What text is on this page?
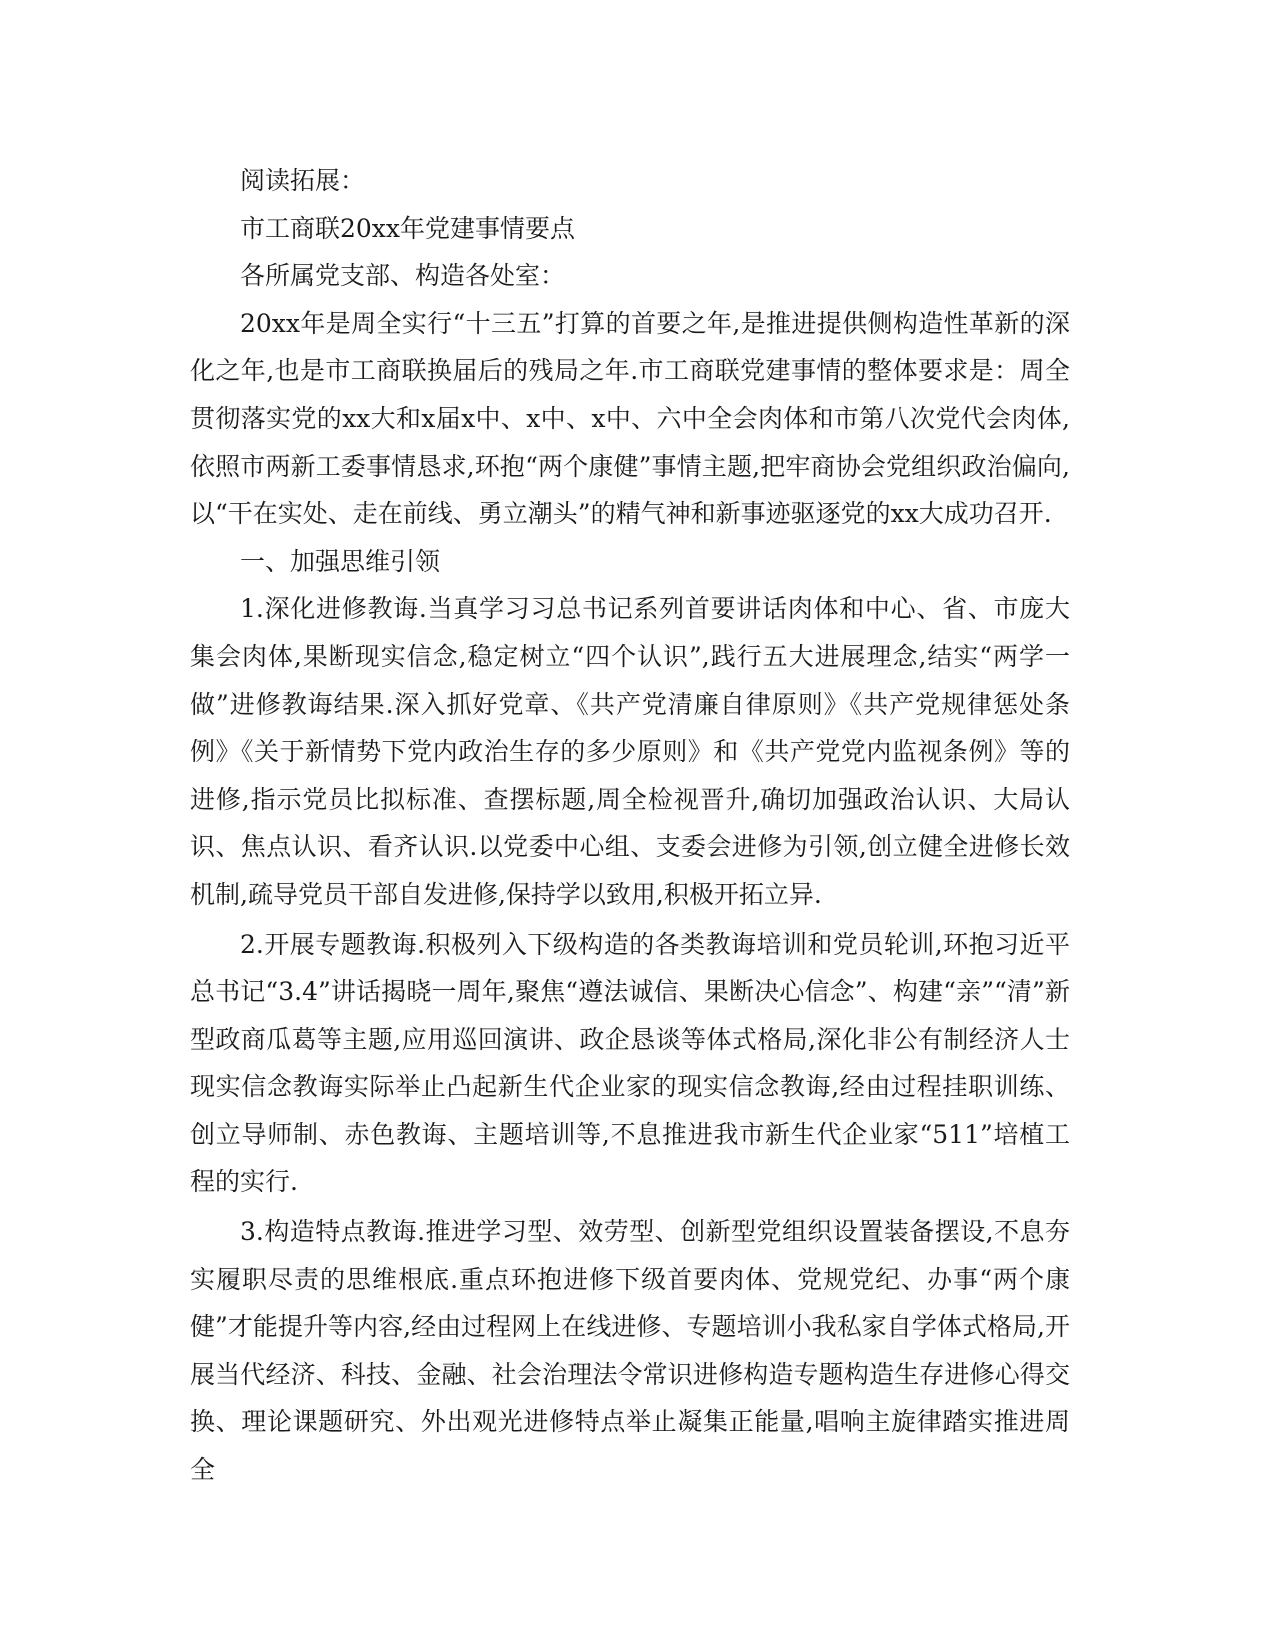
阅读拓展：

市工商联20xx年党建事情要点

各所属党支部、构造各处室：

20xx年是周全实行“十三五”打算的首要之年,是推进提供侧构造性革新的深化之年,也是市工商联换届后的残局之年.市工商联党建事情的整体要求是：周全贯彻落实党的xx大和x届x中、x中、x中、六中全会肉体和市第八次党代会肉体,依照市两新工委事情恳求,环抱“两个康健”事情主题,把牢商协会党组织政治偏向,以“干在实处、走在前线、勇立潮头”的精气神和新事迹驱逐党的xx大成功召开.

一、加强思维引领

1.深化进修教诲.当真学习习总书记系列首要讲话肉体和中心、省、市庞大集会肉体,果断现实信念,稳定树立“四个认识”,践行五大进展理念,结实“两学一做”进修教诲结果.深入抓好党章、《共产党清廉自律原则》《共产党规律惩处条例》《关于新情势下党内政治生存的多少原则》和《共产党党内监视条例》等的进修,指示党员比拟标准、查摆标题,周全检视晋升,确切加强政治认识、大局认识、焦点认识、看齐认识.以党委中心组、支委会进修为引领,创立健全进修长效机制,疏导党员干部自发进修,保持学以致用,积极开拓立异.

2.开展专题教诲.积极列入下级构造的各类教诲培训和党员轮训,环抱习近平总书记“3.4”讲话揭晓一周年,聚焦“遵法诚信、果断决心信念”、构建“亲”“清”新型政商瓜葛等主题,应用巡回演讲、政企恳谈等体式格局,深化非公有制经济人士现实信念教诲实际举止凸起新生代企业家的现实信念教诲,经由过程挂职训练、创立导师制、赤色教诲、主题培训等,不息推进我市新生代企业家“511”培植工程的实行.

3.构造特点教诲.推进学习型、效劳型、创新型党组织设置装备摆设,不息夯实履职尽责的思维根底.重点环抱进修下级首要肉体、党规党纪、办事“两个康健”才能提升等内容,经由过程网上在线进修、专题培训小我私家自学体式格局,开展当代经济、科技、金融、社会治理法令常识进修构造专题构造生存进修心得交换、理论课题研究、外出观光进修特点举止凝集正能量,唱响主旋律踏实推进周全
